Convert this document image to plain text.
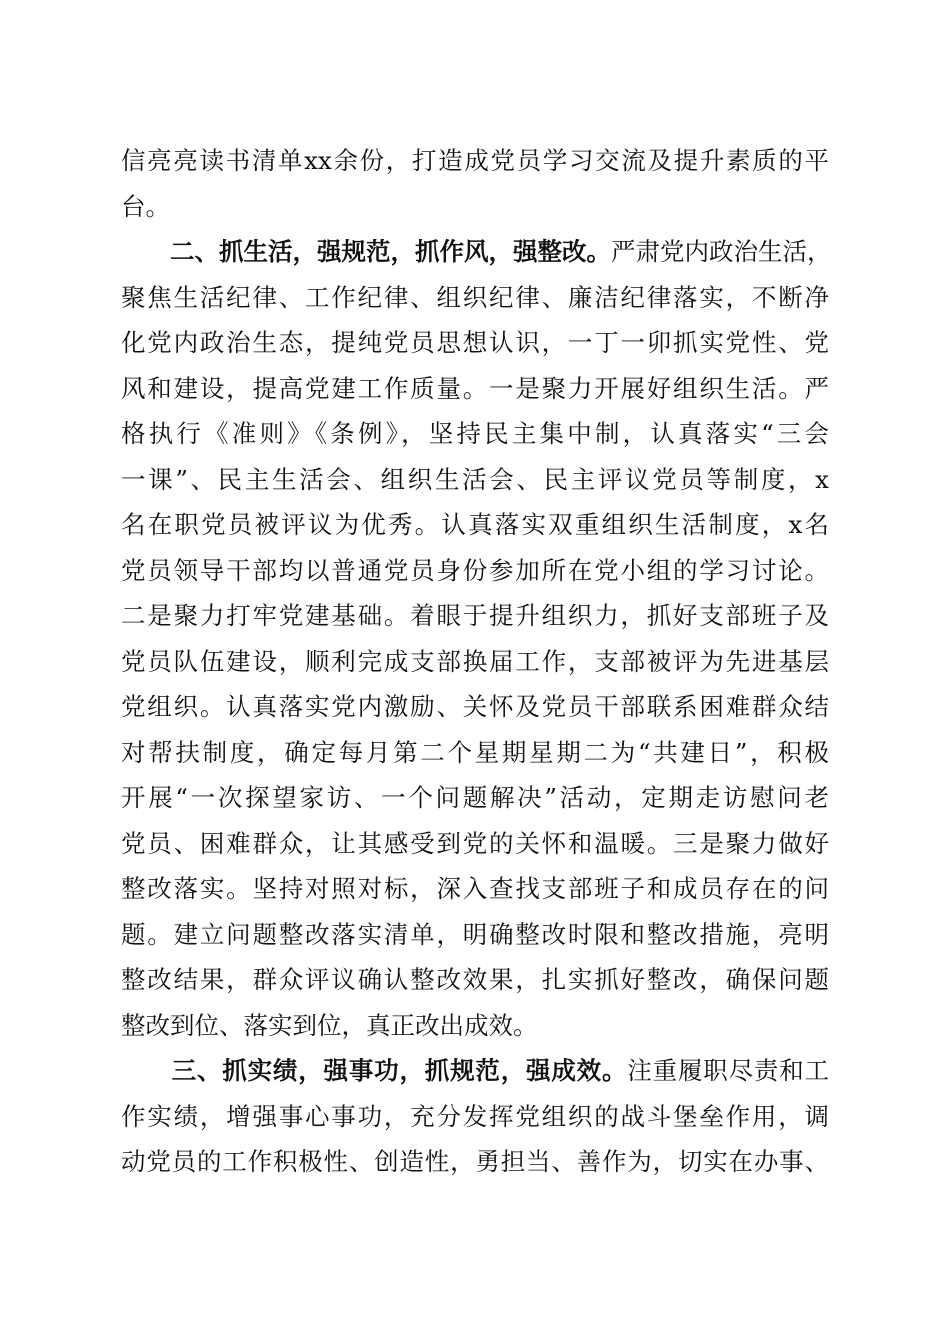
信亮亮读书清单xx余份，打造成党员学习交流及提升素质的平
台。
　　二、抓生活，强规范，抓作风，强整改。严肃党内政治生活，
聚焦生活纪律、工作纪律、组织纪律、廉洁纪律落实，不断净
化党内政治生态，提纯党员思想认识，一丁一卯抓实党性、党
风和建设，提高党建工作质量。一是聚力开展好组织生活。严
格执行《准则》《条例》，坚持民主集中制，认真落实“三会
一课”、民主生活会、组织生活会、民主评议党员等制度，x
名在职党员被评议为优秀。认真落实双重组织生活制度，x名
党员领导干部均以普通党员身份参加所在党小组的学习讨论。
二是聚力打牢党建基础。着眼于提升组织力，抓好支部班子及
党员队伍建设，顺利完成支部换届工作，支部被评为先进基层
党组织。认真落实党内激励、关怀及党员干部联系困难群众结
对帮扶制度，确定每月第二个星期星期二为“共建日”，积极
开展“一次探望家访、一个问题解决”活动，定期走访慰问老
党员、困难群众，让其感受到党的关怀和温暖。三是聚力做好
整改落实。坚持对照对标，深入查找支部班子和成员存在的问
题。建立问题整改落实清单，明确整改时限和整改措施，亮明
整改结果，群众评议确认整改效果，扎实抓好整改，确保问题
整改到位、落实到位，真正改出成效。
　　三、抓实绩，强事功，抓规范，强成效。注重履职尽责和工
作实绩，增强事心事功，充分发挥党组织的战斗堡垒作用，调
动党员的工作积极性、创造性，勇担当、善作为，切实在办事、
